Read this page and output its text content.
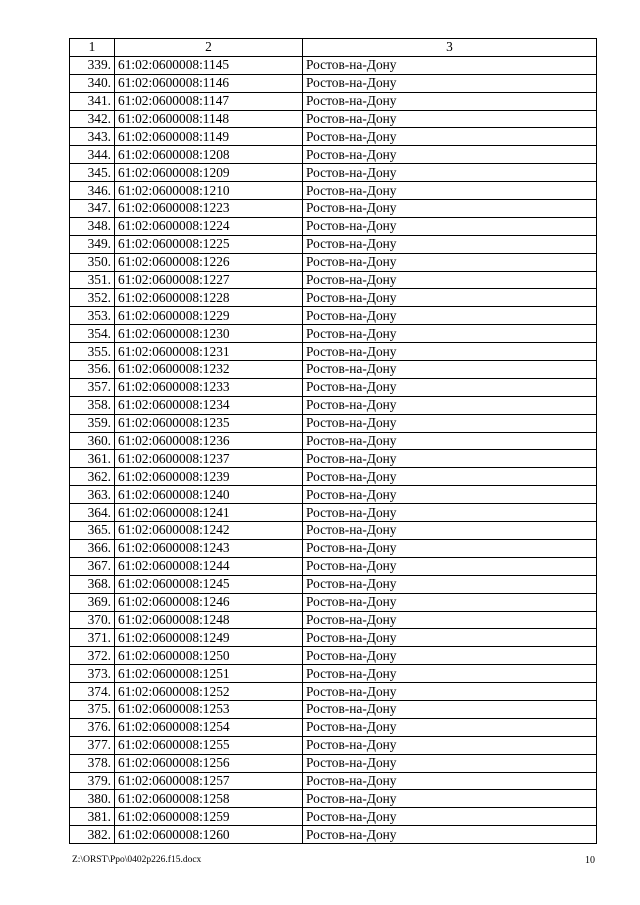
1	2	3
339.	61:02:0600008:1145	Ростов-на-Дону
340.	61:02:0600008:1146	Ростов-на-Дону
341.	61:02:0600008:1147	Ростов-на-Дону
342.	61:02:0600008:1148	Ростов-на-Дону
343.	61:02:0600008:1149	Ростов-на-Дону
344.	61:02:0600008:1208	Ростов-на-Дону
345.	61:02:0600008:1209	Ростов-на-Дону
346.	61:02:0600008:1210	Ростов-на-Дону
347.	61:02:0600008:1223	Ростов-на-Дону
348.	61:02:0600008:1224	Ростов-на-Дону
349.	61:02:0600008:1225	Ростов-на-Дону
350.	61:02:0600008:1226	Ростов-на-Дону
351.	61:02:0600008:1227	Ростов-на-Дону
352.	61:02:0600008:1228	Ростов-на-Дону
353.	61:02:0600008:1229	Ростов-на-Дону
354.	61:02:0600008:1230	Ростов-на-Дону
355.	61:02:0600008:1231	Ростов-на-Дону
356.	61:02:0600008:1232	Ростов-на-Дону
357.	61:02:0600008:1233	Ростов-на-Дону
358.	61:02:0600008:1234	Ростов-на-Дону
359.	61:02:0600008:1235	Ростов-на-Дону
360.	61:02:0600008:1236	Ростов-на-Дону
361.	61:02:0600008:1237	Ростов-на-Дону
362.	61:02:0600008:1239	Ростов-на-Дону
363.	61:02:0600008:1240	Ростов-на-Дону
364.	61:02:0600008:1241	Ростов-на-Дону
365.	61:02:0600008:1242	Ростов-на-Дону
366.	61:02:0600008:1243	Ростов-на-Дону
367.	61:02:0600008:1244	Ростов-на-Дону
368.	61:02:0600008:1245	Ростов-на-Дону
369.	61:02:0600008:1246	Ростов-на-Дону
370.	61:02:0600008:1248	Ростов-на-Дону
371.	61:02:0600008:1249	Ростов-на-Дону
372.	61:02:0600008:1250	Ростов-на-Дону
373.	61:02:0600008:1251	Ростов-на-Дону
374.	61:02:0600008:1252	Ростов-на-Дону
375.	61:02:0600008:1253	Ростов-на-Дону
376.	61:02:0600008:1254	Ростов-на-Дону
377.	61:02:0600008:1255	Ростов-на-Дону
378.	61:02:0600008:1256	Ростов-на-Дону
379.	61:02:0600008:1257	Ростов-на-Дону
380.	61:02:0600008:1258	Ростов-на-Дону
381.	61:02:0600008:1259	Ростов-на-Дону
382.	61:02:0600008:1260	Ростов-на-Дону
Z:\ORST\Ppo\0402p226.f15.docx	10
